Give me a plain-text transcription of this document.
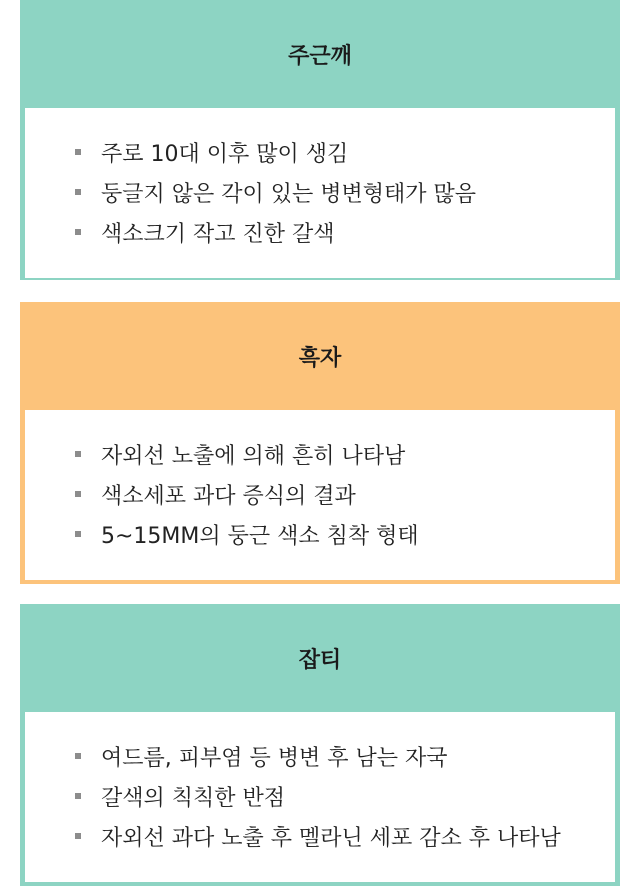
주근깨
주로 10대 이후 많이 생김
둥글지 않은 각이 있는 병변형태가 많음
색소크기 작고 진한 갈색
흑자
자외선 노출에 의해 흔히 나타남
색소세포 과다 증식의 결과
5~15MM의 둥근 색소 침착 형태
잡티
여드름, 피부염 등 병변 후 남는 자국
갈색의 칙칙한 반점
자외선 과다 노출 후 멜라닌 세포 감소 후 나타남
